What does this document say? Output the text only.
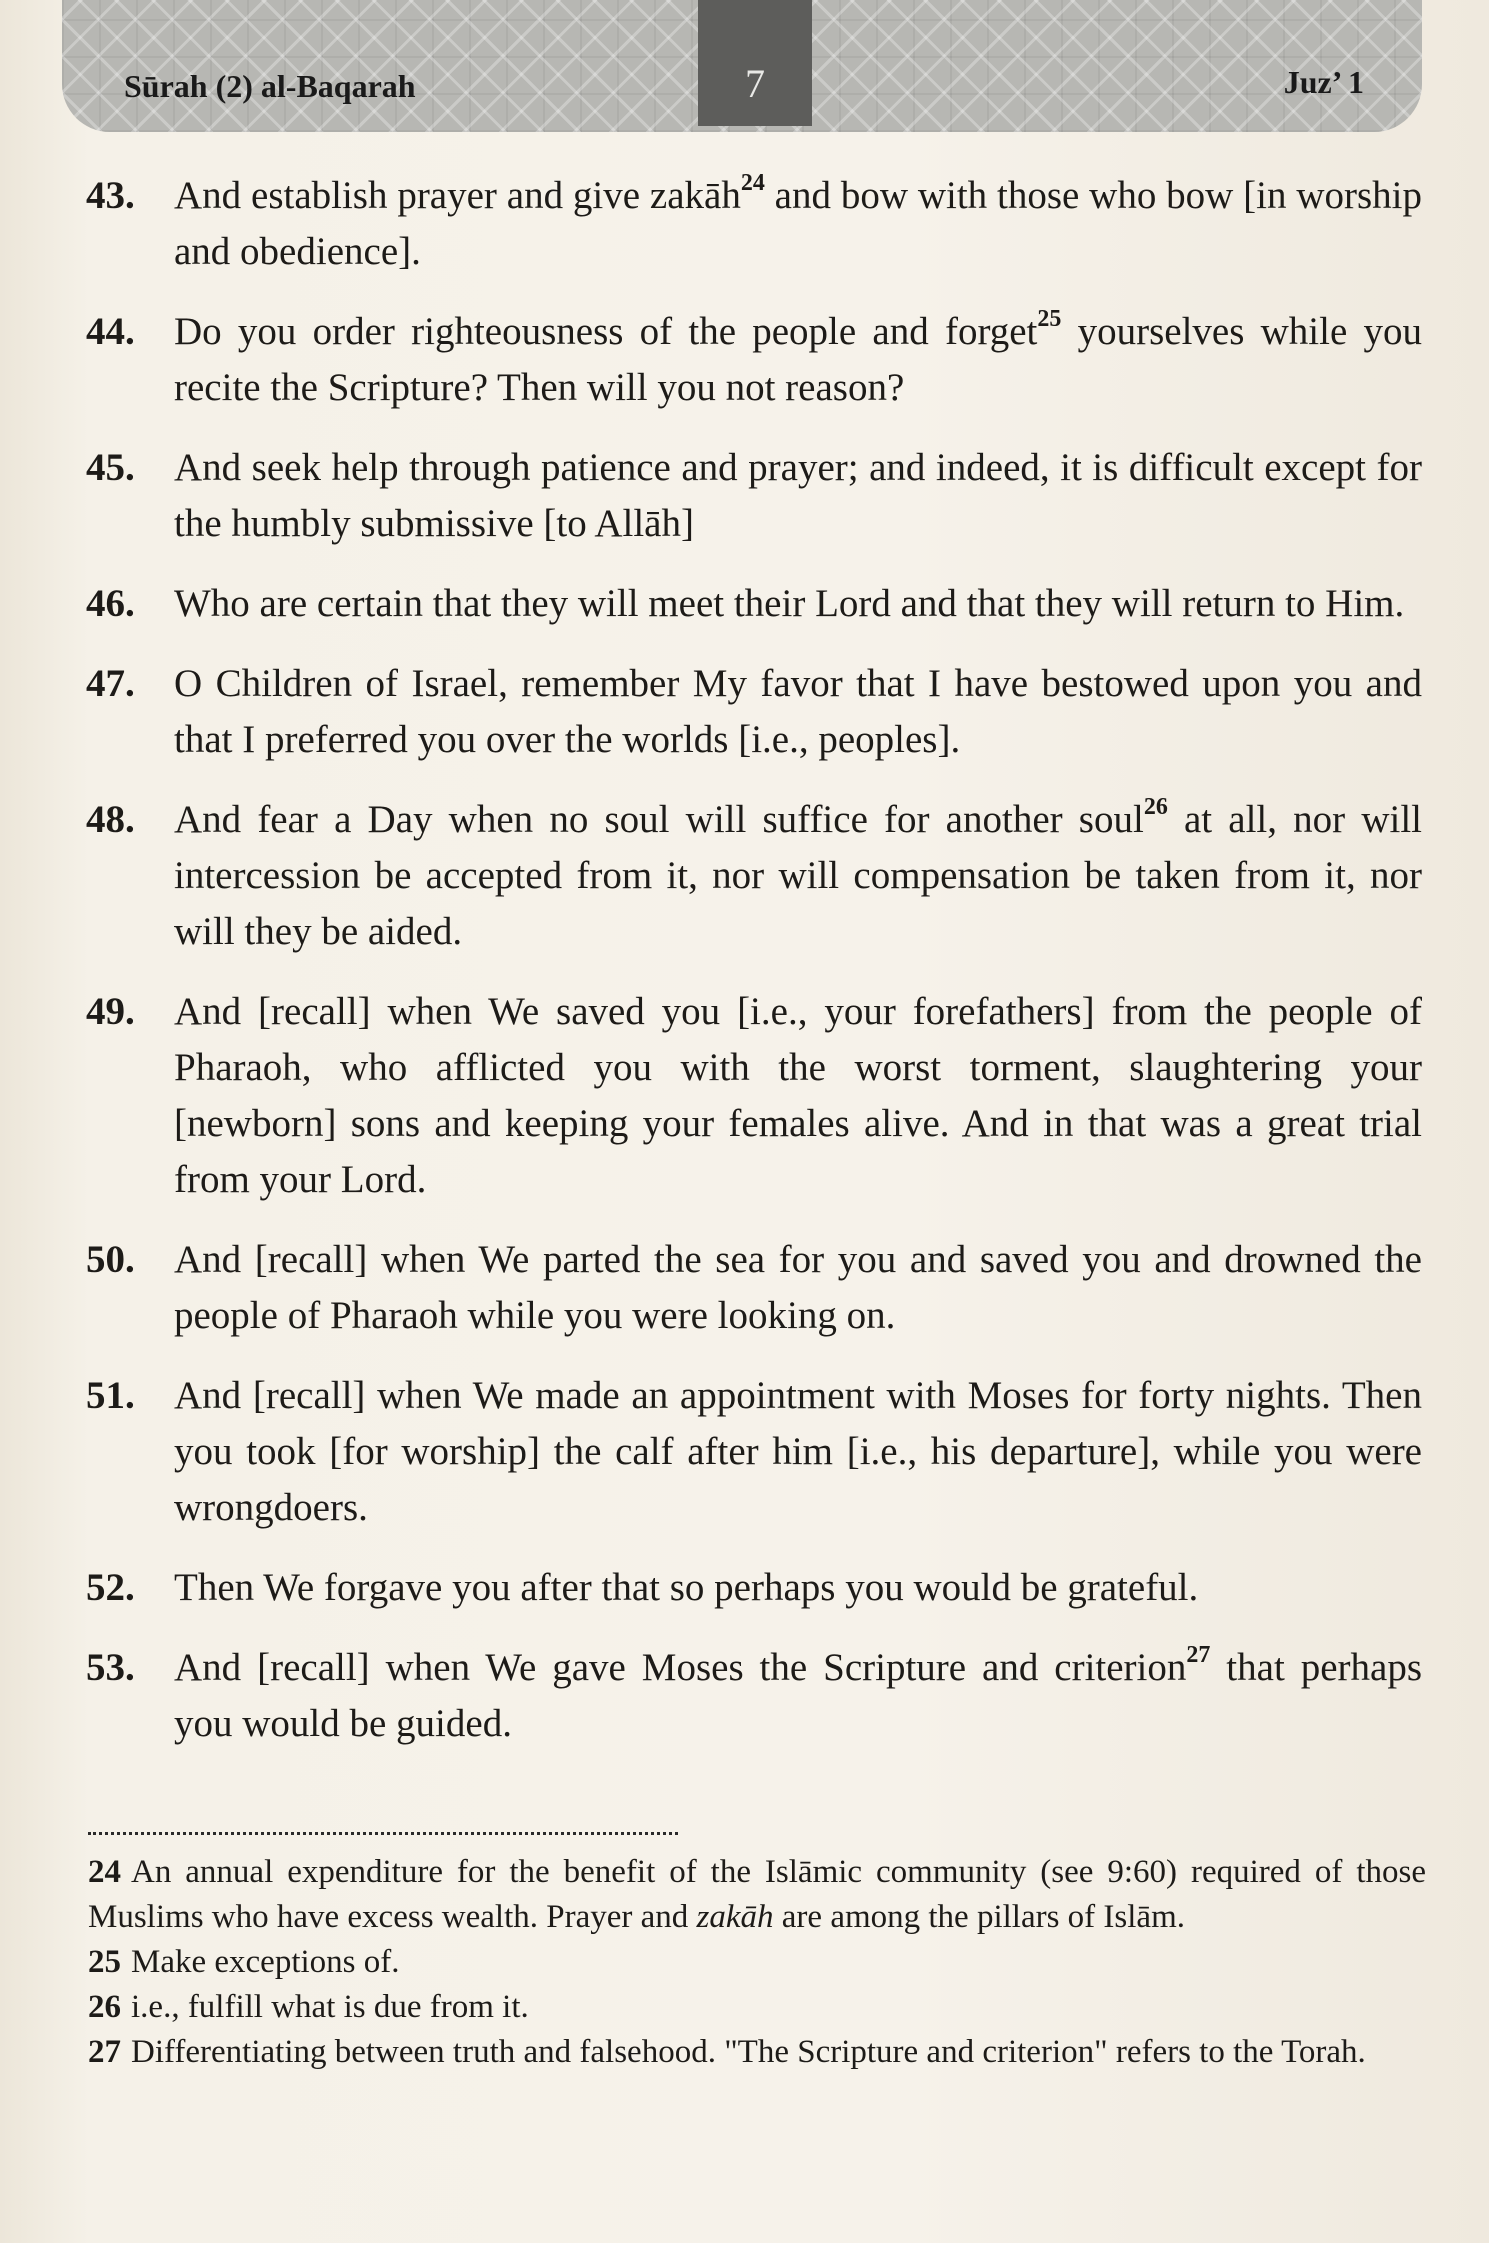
Sūrah (2) al-Baqarah	Juz’ 1
7
43.	And establish prayer and give zakāh$^{24}$ and bow with those who bow [in worship and obedience].
44.	Do you order righteousness of the people and forget$^{25}$ yourselves while you recite the Scripture? Then will you not reason?
45.	And seek help through patience and prayer; and indeed, it is difficult except for the humbly submissive [to Allāh]
46.	Who are certain that they will meet their Lord and that they will return to Him.
47.	O Children of Israel, remember My favor that I have bestowed upon you and that I preferred you over the worlds [i.e., peoples].
48.	And fear a Day when no soul will suffice for another soul$^{26}$ at all, nor will intercession be accepted from it, nor will compensation be taken from it, nor will they be aided.
49.	And [recall] when We saved you [i.e., your forefathers] from the people of Pharaoh, who afflicted you with the worst torment, slaughtering your [newborn] sons and keeping your females alive. And in that was a great trial from your Lord.
50.	And [recall] when We parted the sea for you and saved you and drowned the people of Pharaoh while you were looking on.
51.	And [recall] when We made an appointment with Moses for forty nights. Then you took [for worship] the calf after him [i.e., his departure], while you were wrongdoers.
52.	Then We forgave you after that so perhaps you would be grateful.
53.	And [recall] when We gave Moses the Scripture and criterion$^{27}$ that perhaps you would be guided.

24 An annual expenditure for the benefit of the Islāmic community (see 9:60) required of those Muslims who have excess wealth. Prayer and zakāh are among the pillars of Islām.

25 Make exceptions of.

26 i.e., fulfill what is due from it.

27 Differentiating between truth and falsehood. "The Scripture and criterion" refers to the Torah.
